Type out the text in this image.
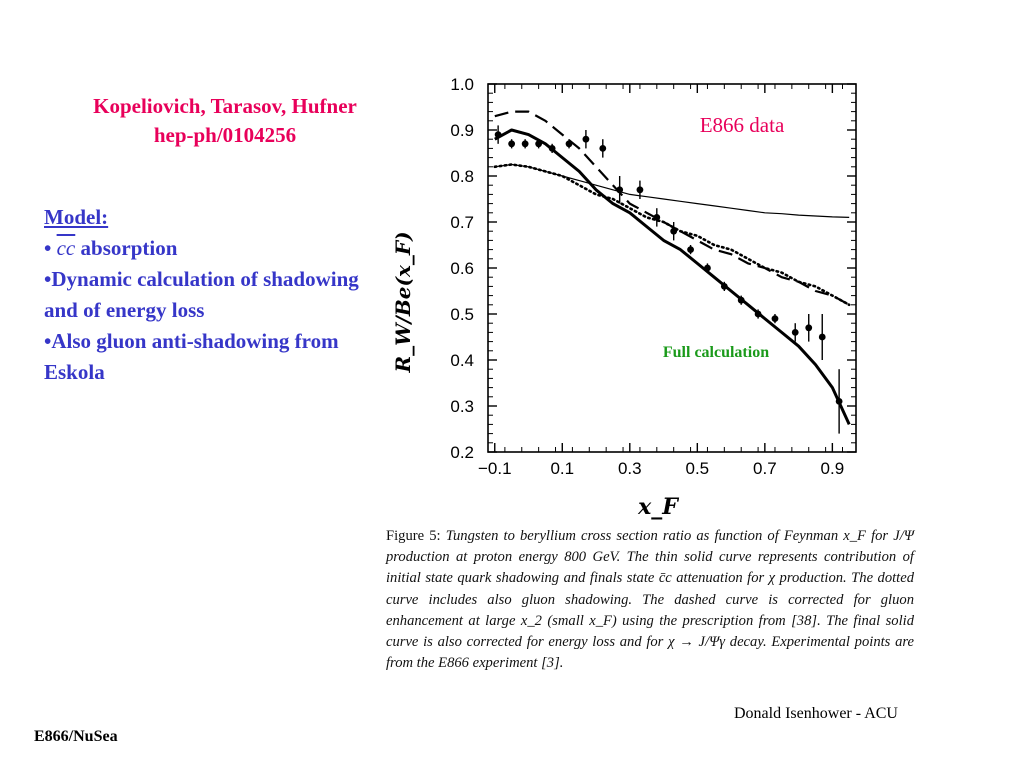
Kopeliovich, Tarasov, Hufner
hep-ph/0104256
Model:
• $\overline{cc}$ absorption
•Dynamic calculation of shadowing and of energy loss
•Also gluon anti-shadowing from Eskola
−0.1 0.1	0.3	0.5	0.7	0.9
0.2
0.3
0.4
0.5
0.6
0.7
0.8
0.9
1.0
E866 data
Full calculation
R_W/Be(x_F)
x_F
Figure 5: Tungsten to beryllium cross section ratio as function of Feynman x_F for J/Ψ production at proton energy 800 GeV. The thin solid curve represents contribution of initial state quark shadowing and finals state c̄c attenuation for χ production. The dotted curve includes also gluon shadowing. The dashed curve is corrected for gluon enhancement at large x_2 (small x_F) using the prescription from [38]. The final solid curve is also corrected for energy loss and for χ → J/Ψγ decay. Experimental points are from the E866 experiment [3].
Donald Isenhower - ACU
E866/NuSea
